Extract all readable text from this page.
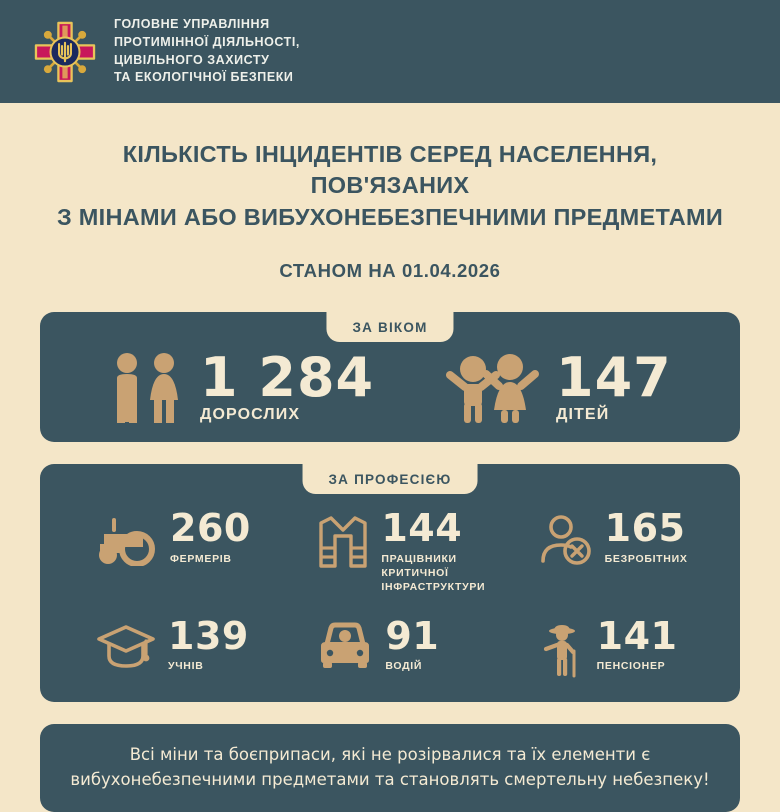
ГОЛОВНЕ УПРАВЛІННЯ
ПРОТИМІННОЇ ДІЯЛЬНОСТІ,
ЦИВІЛЬНОГО ЗАХИСТУ
ТА ЕКОЛОГІЧНОЇ БЕЗПЕКИ
КІЛЬКІСТЬ ІНЦИДЕНТІВ СЕРЕД НАСЕЛЕННЯ, ПОВ'ЯЗАНИХ
З МІНАМИ АБО ВИБУХОНЕБЕЗПЕЧНИМИ ПРЕДМЕТАМИ
СТАНОМ НА 01.04.2026
ЗА ВІКОМ
1 284
ДОРОСЛИХ
147
ДІТЕЙ
ЗА ПРОФЕСІЄЮ
260
ФЕРМЕРІВ
144
ПРАЦІВНИКИ КРИТИЧНОЇ ІНФРАСТРУКТУРИ
165
БЕЗРОБІТНИХ
139
УЧНІВ
91
ВОДІЙ
141
ПЕНСІОНЕР
Всі міни та боєприпаси, які не розірвалися та їх елементи є
вибухонебезпечними предметами та становлять смертельну небезпеку!
